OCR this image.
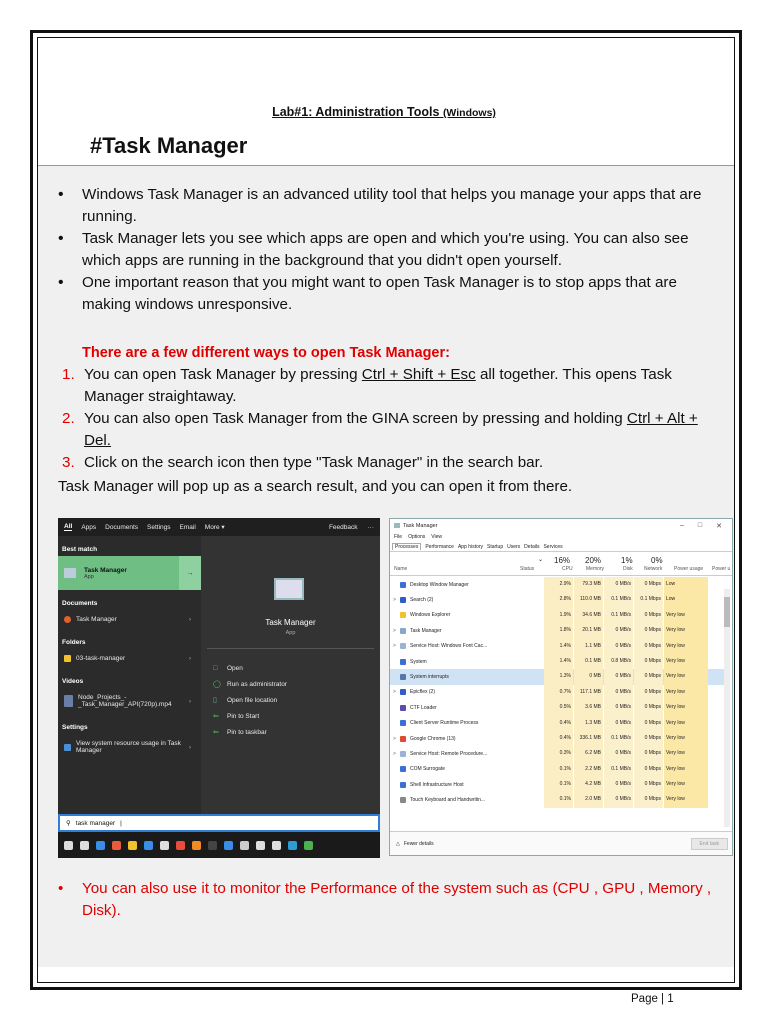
Lab#1: Administration Tools (Windows)
#Task Manager
• Windows Task Manager is an advanced utility tool that helps you manage your apps that are running.
• Task Manager lets you see which apps are open and which you're using. You can also see which apps are running in the background that you didn't open yourself.
• One important reason that you might want to open Task Manager is to stop apps that are making windows unresponsive.
There are a few different ways to open Task Manager:
1. You can open Task Manager by pressing Ctrl + Shift + Esc all together. This opens Task Manager straightaway.
2. You can also open Task Manager from the GINA screen by pressing and holding Ctrl + Alt + Del.
3. Click on the search icon then type "Task Manager" in the search bar.
Task Manager will pop up as a search result, and you can open it from there.
All Apps Documents Settings Email More ▾	Feedback ···
Best match
Task Manager
App	→
Documents
Task Manager	›
Folders
03-task-manager	›
Videos
Node_Projects_-
_Task_Manager_API(720p).mp4	›
Settings
View system resource usage in Task
Manager	›
Task Manager
App
□	Open
◯ Run as administrator
▯	Open file location
⇐	Pin to Start
⇐	Pin to taskbar
⚲ task manager |
Task Manager	– □ ✕
File Options View
Processes	Performance App history Startup Users Details Services
Name	Status
⌄ 16% 20% 1% 0%
CPU	Memory	Disk Network Power usage Power u
Desktop Window Manager	2.9%	79.3 MB	0 MB/s	0 Mbps	Low
>	Search (2)	2.8%	110.0 MB	0.1 MB/s	0.1 Mbps	Low
Windows Explorer	1.9%	34.6 MB	0.1 MB/s	0 Mbps	Very low
>	Task Manager	1.8%	20.1 MB	0 MB/s	0 Mbps	Very low
>	Service Host: Windows Font Cac...	1.4%	1.1 MB	0 MB/s	0 Mbps	Very low
System	1.4%	0.1 MB	0.8 MB/s	0 Mbps	Very low
System interrupts	1.3%	0 MB	0 MB/s	0 Mbps	Very low
>	Epicflex (2)	0.7%	117.1 MB	0 MB/s	0 Mbps	Very low
CTF Loader	0.5%	3.6 MB	0 MB/s	0 Mbps	Very low
Client Server Runtime Process	0.4%	1.3 MB	0 MB/s	0 Mbps	Very low
>	Google Chrome (13)	0.4%	336.1 MB	0.1 MB/s	0 Mbps	Very low
>	Service Host: Remote Procedure...	0.3%	6.2 MB	0 MB/s	0 Mbps	Very low
COM Surrogate	0.1%	2.2 MB	0.1 MB/s	0 Mbps	Very low
Shell Infrastructure Host	0.1%	4.2 MB	0 MB/s	0 Mbps	Very low
Touch Keyboard and Handwritin...	0.1%	2.0 MB	0 MB/s	0 Mbps	Very low
△ Fewer details	End task
•	You can also use it to monitor the Performance of the system such as (CPU , GPU , Memory , Disk).
Page | 1
